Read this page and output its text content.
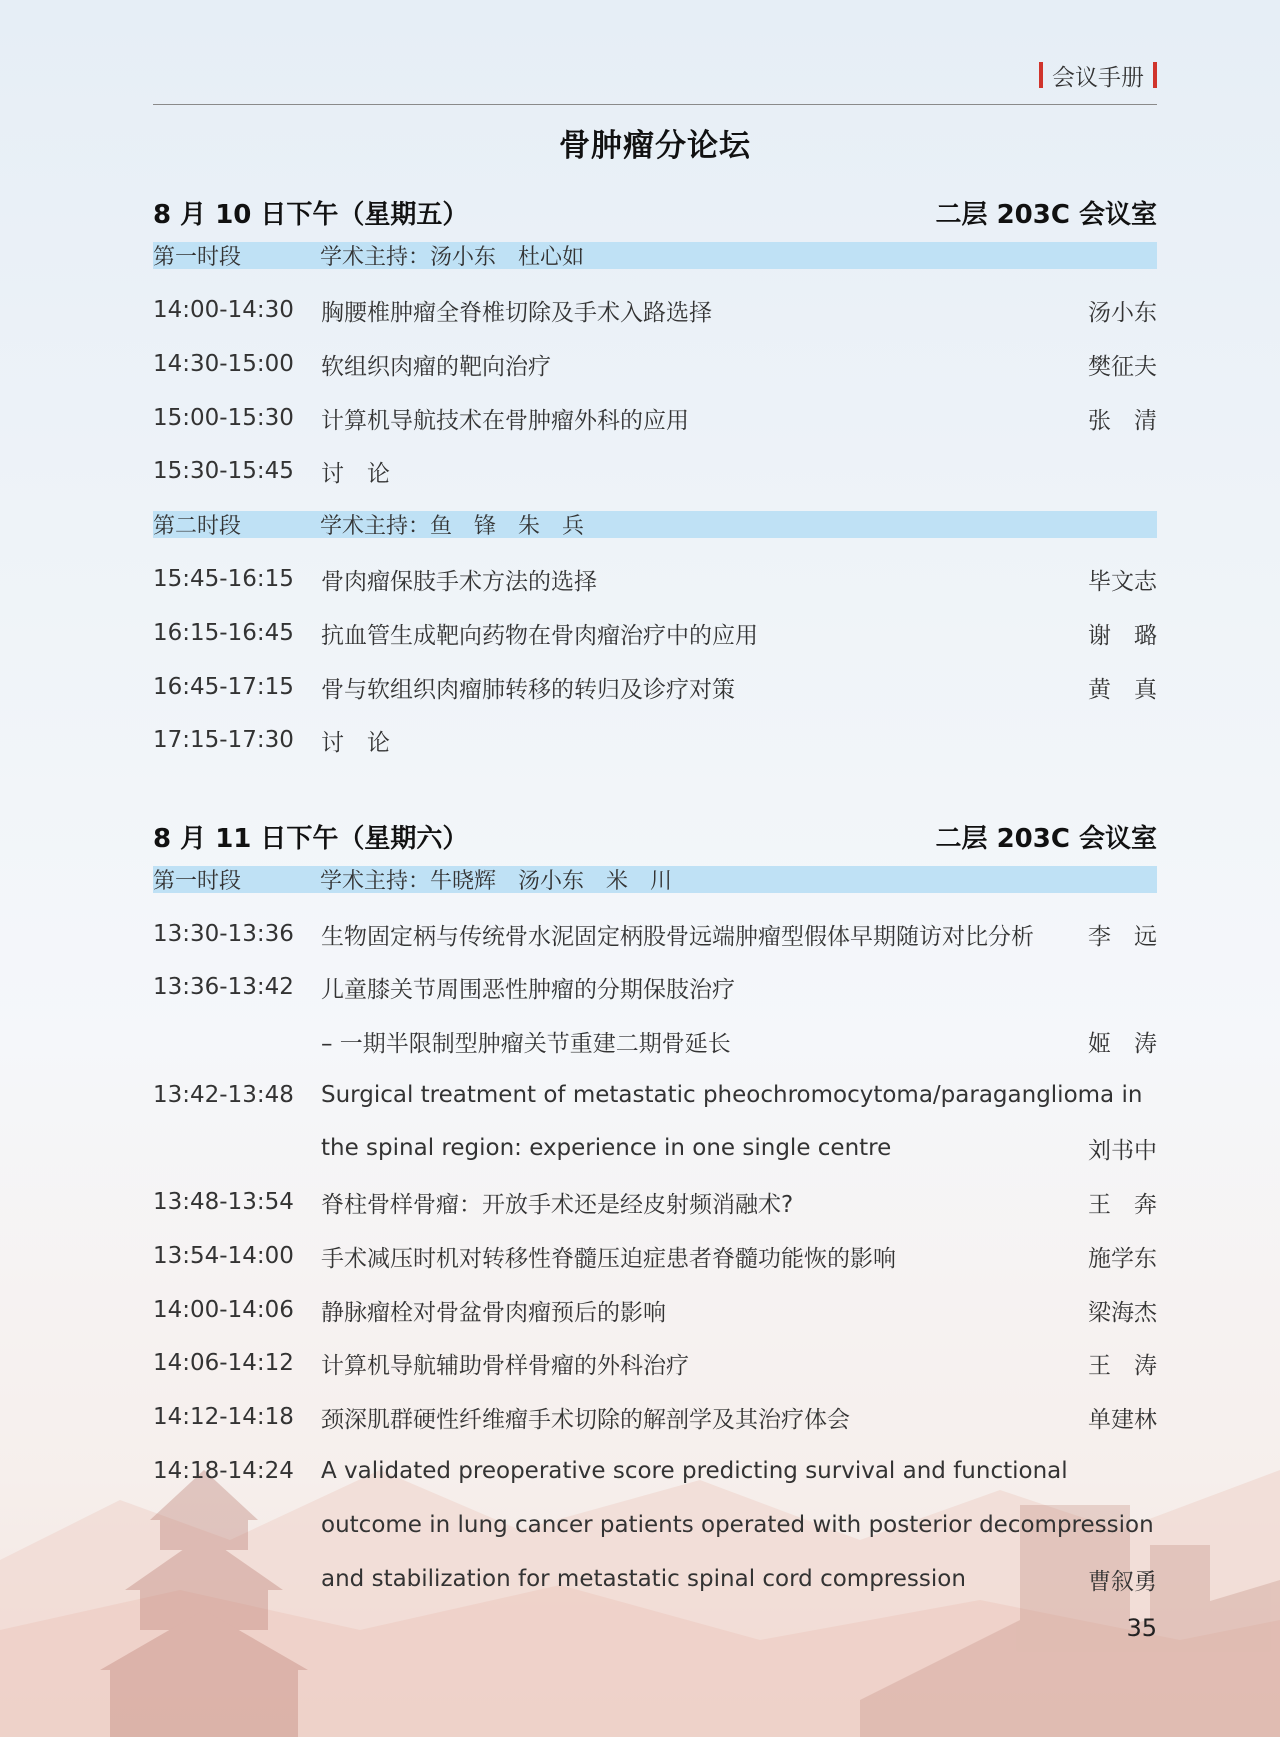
会议手册
骨肿瘤分论坛
8 月 10 日下午（星期五）	二层 203C 会议室
第一时段	学术主持：汤小东　杜心如
14:00-14:30	胸腰椎肿瘤全脊椎切除及手术入路选择	汤小东
14:30-15:00	软组织肉瘤的靶向治疗	樊征夫
15:00-15:30	计算机导航技术在骨肿瘤外科的应用	张　清
15:30-15:45	讨　论
第二时段	学术主持：鱼　锋　朱　兵
15:45-16:15	骨肉瘤保肢手术方法的选择	毕文志
16:15-16:45	抗血管生成靶向药物在骨肉瘤治疗中的应用	谢　璐
16:45-17:15	骨与软组织肉瘤肺转移的转归及诊疗对策	黄　真
17:15-17:30	讨　论
8 月 11 日下午（星期六）	二层 203C 会议室
第一时段	学术主持：牛晓辉　汤小东　米　川
13:30-13:36	生物固定柄与传统骨水泥固定柄股骨远端肿瘤型假体早期随访对比分析	李　远
13:36-13:42	儿童膝关节周围恶性肿瘤的分期保肢治疗
– 一期半限制型肿瘤关节重建二期骨延长	姬　涛
13:42-13:48	Surgical treatment of metastatic pheochromocytoma/paraganglioma in
the spinal region: experience in one single centre	刘书中
13:48-13:54	脊柱骨样骨瘤：开放手术还是经皮射频消融术?	王　奔
13:54-14:00	手术减压时机对转移性脊髓压迫症患者脊髓功能恢的影响	施学东
14:00-14:06	静脉瘤栓对骨盆骨肉瘤预后的影响	梁海杰
14:06-14:12	计算机导航辅助骨样骨瘤的外科治疗	王　涛
14:12-14:18	颈深肌群硬性纤维瘤手术切除的解剖学及其治疗体会	单建林
14:18-14:24	A validated preoperative score predicting survival and functional
outcome in lung cancer patients operated with posterior decompression
and stabilization for metastatic spinal cord compression	曹叙勇
35
